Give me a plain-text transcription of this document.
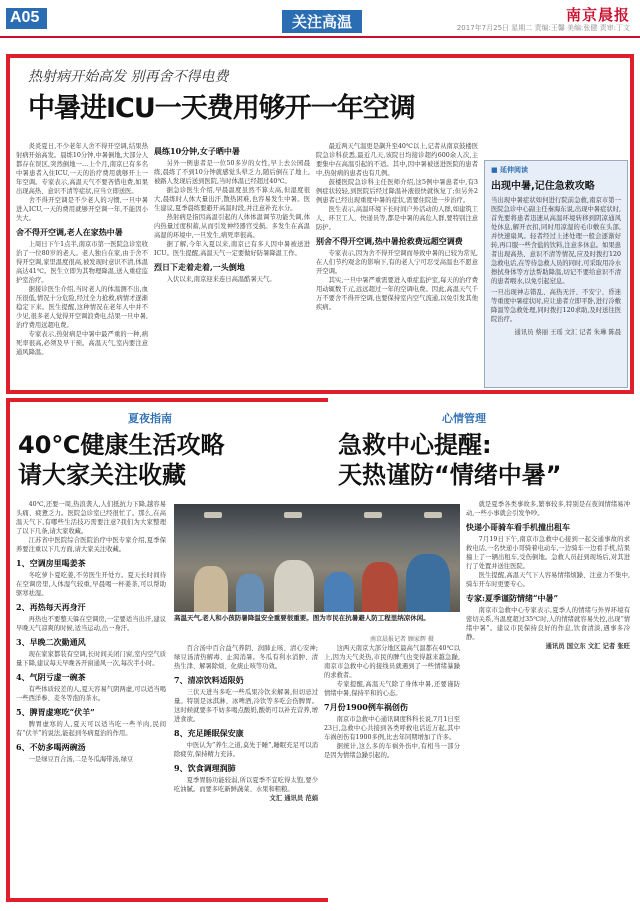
A05	关注高温	南京晨报
2017年7月25日 星期二 责编:王馨 美编:张健 责审:丁文
热射病开始高发 别再舍不得电费
中暑进ICU一天费用够开一年空调

炎炎夏日,不少老年人舍不得开空调,结果热射病开始高发。晨练10分钟,中暑倒地,大部分人都存在误区,突然倒地一…上个月,南京已有多名中暑患者入住ICU,一天的治疗费用就够开上一年空调。专家表示,高温天气不要吝惜电费,如果出现高热、意识不清等症状,应当立即送医。

舍不得开空调是不少老人的习惯,一旦中暑进入ICU,一天的费用就够开空调一年,不能因小失大。

舍不得开空调,老人在家热中暑

上周日下午1点半,南京市第一医院急诊室收治了一位80岁的老人。老人独自在家,由于舍不得开空调,家里温度很高,被发现时意识不清,体温高达41℃。医生立即为其物理降温,送入重症监护室治疗。

据接诊医生介绍,当时老人的体温测不出,血压很低,情况十分危险,经过全力抢救,病情才逐渐稳定下来。医生提醒,这种情况在老年人中并不少见,很多老人觉得开空调浪费电,结果一旦中暑,治疗费用远超电费。

专家表示,热射病是中暑中最严重的一种,病死率很高,必须及早干预。高温天气,室内要注意通风降温。

晨练10分钟,女子晒中暑

另外一例患者是一位50多岁的女性,早上去公园晨练,晨练了不到10分钟就感觉头晕乏力,随后倒在了地上,被路人发现后送到医院,当时体温已经超过40℃。

据急诊医生介绍,早晨温度虽然不算太高,但湿度很大,晨练时人体大量出汗,散热困难,也容易发生中暑。医生建议,夏季晨练要避开高温时段,并注意补充水分。

热射病是指因高温引起的人体体温调节功能失调,体内热量过度积蓄,从而引发神经器官受损。多发生在高温高湿的环境中,一旦发生,病死率很高。

据了解,今年入夏以来,南京已有多人因中暑被送进ICU。医生提醒,高温天气一定要做好防暑降温工作。

烈日下走着走着,一头倒地

入伏以来,南京迎来连日高温酷暑天气。

最近两天气温更是飙升至40℃以上,记者从南京鼓楼医院急诊科获悉,最近几天,该院日均接诊超约600余人次,主要集中在高温引起的不适。其中,因中暑被送进医院的患者中,热射病的患者也有几例。

鼓楼医院急诊科主任医师介绍,这5例中暑患者中,有3例症状较轻,到医院后经过降温补液很快就恢复了;但另外2例患者已经出现重度中暑的症状,需要住院进一步治疗。

医生表示,高温环境下长时间户外活动的人群,如建筑工人、环卫工人、快递员等,都是中暑的高危人群,要特别注意防护。

别舍不得开空调,热中暑抢救费远超空调费

专家表示,因为舍不得开空调而导致中暑的已较为常见,在人们节约观念的影响下,有的老人宁可忍受高温也不愿意开空调。

其实,一旦中暑严重需要进入重症监护室,每天的治疗费用动辄数千元,远远超过一年的空调电费。因此,高温天气千万不要舍不得开空调,也要保持室内空气流通,以免引发其他疾病。

■ 延伸阅读
出现中暑,记住急救攻略
当出现中暑症状如何进行院前急救,南京市第一医院急诊中心副主任秦海东说,出现中暑症状时,首先要将患者迅速从高温环境转移到阴凉通风处休息,解开衣扣,同时用凉湿的毛巾敷在头部,并快速扇风。轻者经过上述处理一般会逐渐好转,再口服一些含盐的饮料,注意多休息。如果患者出现高热、意识不清等情况,应及时拨打120急救电话,在等待急救人员的同时,可采取用冷水擦拭身体等方法帮助降温,切记不要给意识不清的患者喂水,以免引起窒息。
一旦出现神志错乱、高热无汗、不安宁、昏迷等重度中暑症状时,应让患者立即平卧,进行冷敷降温等急救处理,同时拨打120求助,及时送往医院治疗。
通讯员 蔡丽 王瑶 文汇 记者 朱琳 陈晨
夏夜指南
40℃健康生活攻略
请大家关注收藏

40℃,还要一周,热浪袭人,人们抵抗力下降,越容易头痛、疲惫乏力。医院急诊室已经很忙了。那么,在高温天气下,有哪些生活技巧需要注意?我们为大家整理了以下几条,请大家收藏。

江苏省中医院综合医院治疗中医专家介绍,夏季保养要注重以下几方面,请大家关注收藏。

1、空调房里喝姜茶

冬吃萝卜夏吃姜,不劳医生开处方。夏天长时间待在空调房里,人体湿气较重,早晨喝一杯姜茶,可以帮助驱寒祛湿。

2、再热每天再身汗

再热也不要整天躲在空调房,一定要适当出汗,建议早晚天气凉爽的时候,适当运动,出一身汗。

3、早晚二次勤通风

现在家家都装有空调,长时间关闭门窗,室内空气质量下降,建议每天早晚各开窗通风一次,每次半小时。

4、气阴亏虚一碗茶

有些体质较差的人,夏天容易气阴两虚,可以适当喝一些西洋参、麦冬等泡的茶水。

5、脾胃虚寒吃“伏羊”

脾胃虚寒的人,夏天可以适当吃一些羊肉,民间有“伏羊”的说法,能起到冬病夏治的作用。

6、不妨多喝两碗汤

一是绿豆百合汤,二是冬瓜海带汤,绿豆

高温天气,老人和小孩防暑降温安全重要很重要。图为市民在抗暑避人防工程里纳凉休闲。
南京晨报记者 顾家辉 摄

百合汤中百合益气养阴、润肺止咳、清心安神;绿豆汤清热解毒、止渴消暑。冬瓜有利水消肿、清热生津、解暑除烦、化痰止咳等功效。

7、清凉饮料适限奶

三伏天进当多吃一些瓜果冷饮来解暑,但切忌过量。特别是冰淇淋、冰啤酒,冷饮等多吃会伤脾胃。这时候就要多不妨多喝点酸奶,酸奶可以补充营养,增进食欲。

8、充足睡眠保安康

中医认为“养生之道,莫先于睡”,睡眠充足可以消除疲劳,保持精力充沛。

9、饮食调理润肺

夏季胃肠功能较弱,所以夏季不宜吃得太饱,要少吃油腻。而要多吃新鲜蔬菜、水果和粗粮。

文汇 通讯员 范娟

心情管理
急救中心提醒:
天热谨防“情绪中暑”

这两天南京大部分地区最高气温都在40℃以上,因为天气炎热,市民的脾气也变得越来越急躁,南京市急救中心的接线员就遇到了一些情绪暴躁的求救者。

专家提醒,高温天气除了身体中暑,还要谨防情绪中暑,保持平和的心态。

7月份1900例车祸创伤

南京市急救中心通讯调度科科长说,7月1日至23日,急救中心共接到各类呼救电话近万起,其中车祸创伤有1900多例,比去年同期增加了许多。

据统计,这么多的车祸外伤中,有相当一部分是因为情绪急躁引起的。

就是夏季各类事故多,繁事较多,特别是在夜间情绪易冲动,一些小事就会引发争吵。

快递小哥骑车看手机撞出租车

7月19日下午,南京市急救中心接到一起交通事故的求救电话,一名快递小哥骑着电动车,一边骑车一边看手机,结果撞上了一辆出租车,受伤倒地。急救人员赶到现场后,对其进行了处置并送往医院。

医生提醒,高温天气下人容易情绪烦躁、注意力不集中,骑车开车时更要专心。

专家:夏季谨防情绪“中暑”

南京市急救中心专家表示,夏季人的情绪与外界环境有密切关系,当温度超过35℃时,人的情绪就容易失控,出现“情绪中暑”。建议市民保持良好的作息,饮食清淡,遇事多冷静。

通讯员 国立东 文汇 记者 张旺
